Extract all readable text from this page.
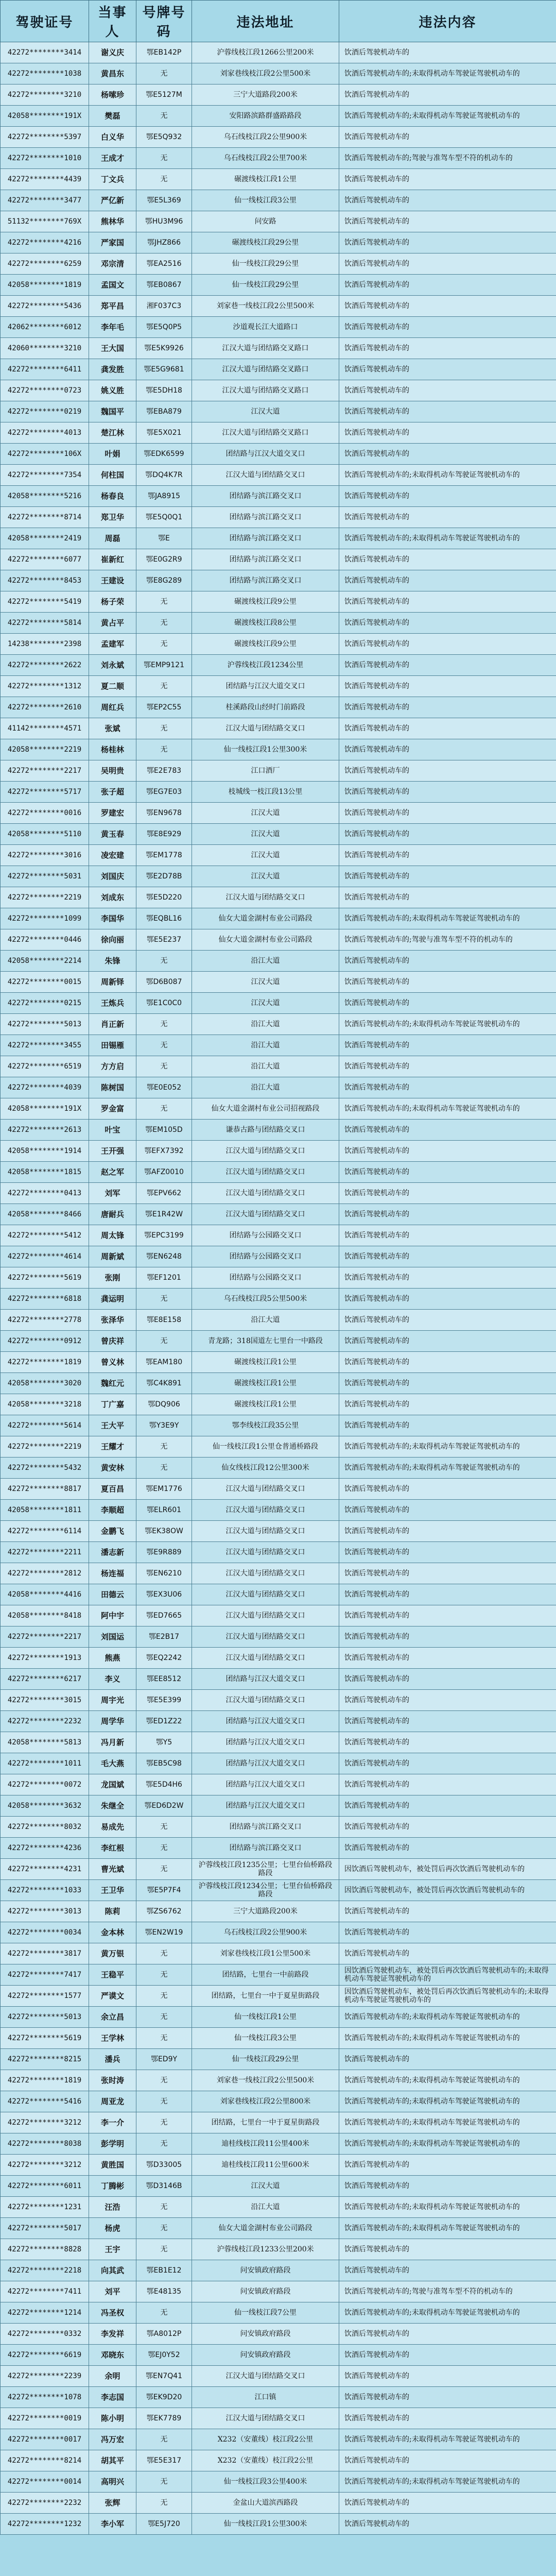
驾驶证号	当事人	号牌号码	违法地址	违法内容
42272********3414	谢义庆	鄂EB142P	沪蓉线枝江段1266公里200米	饮酒后驾驶机动车的
42272********1038	黄昌东	无	刘家巷线枝江段2公里500米	饮酒后驾驶机动车的;未取得机动车驾驶证驾驶机动车的
42272********3210	杨嗦珍	鄂E5127M	三宁大道路段200米	饮酒后驾驶机动车的
42058********191X	樊磊	无	安阳路滨路群盛路路段	饮酒后驾驶机动车的;未取得机动车驾驶证驾驶机动车的
42272********5397	白义华	鄂E5Q932	乌石线枝江段2公里900米	饮酒后驾驶机动车的
42272********1010	王成才	无	乌石线枝江段2公里700米	饮酒后驾驶机动车的;驾驶与准驾车型不符的机动车的
42272********4439	丁文兵	无	碾渡线枝江段1公里	饮酒后驾驶机动车的
42272********3477	严亿新	鄂E5L369	仙一线枝江段3公里	饮酒后驾驶机动车的
51132********769X	熊林华	鄂HU3M96	问安路	饮酒后驾驶机动车的
42272********4216	严家国	鄂JHZ866	碾渡线枝江段29公里	饮酒后驾驶机动车的
42272********6259	邓宗清	鄂EA2516	仙一线枝江段29公里	饮酒后驾驶机动车的
42058********1819	孟国文	鄂EB0867	仙一线枝江段29公里	饮酒后驾驶机动车的
42272********5436	郑平昌	湘F037C3	刘家巷一线枝江段2公里500米	饮酒后驾驶机动车的
42062********6012	李年毛	鄂E5Q0P5	沙道观长江大道路口	饮酒后驾驶机动车的
42060********3210	王大国	鄂E5K9926	江汉大道与团结路交叉路口	饮酒后驾驶机动车的
42272********6411	龚发胜	鄂E5G9681	江汉大道与团结路交叉路口	饮酒后驾驶机动车的
42272********0723	姚义胜	鄂E5DH18	江汉大道与团结路交叉路口	饮酒后驾驶机动车的
42272********0219	魏国平	鄂EBA879	江汉大道	饮酒后驾驶机动车的
42272********4013	楚江林	鄂E5X021	江汉大道与团结路交叉路口	饮酒后驾驶机动车的
42272********106X	叶娟	鄂EDK6599	团结路与江汉大道交叉口	饮酒后驾驶机动车的
42272********7354	何柱国	鄂DQ4K7R	江汉大道与团结路交叉口	饮酒后驾驶机动车的;未取得机动车驾驶证驾驶机动车的
42058********5216	杨春良	鄂JA8915	团结路与滨江路交叉口	饮酒后驾驶机动车的
42272********8714	郑卫华	鄂E5Q0Q1	团结路与滨江路交叉口	饮酒后驾驶机动车的
42058********2419	周磊	鄂E	团结路与滨江路交叉口	饮酒后驾驶机动车的;未取得机动车驾驶证驾驶机动车的
42272********6077	崔新红	鄂E0G2R9	团结路与滨江路交叉口	饮酒后驾驶机动车的
42272********8453	王建设	鄂E8G289	团结路与滨江路交叉口	饮酒后驾驶机动车的
42272********5419	杨子荣	无	碾渡线枝江段9公里	饮酒后驾驶机动车的
42272********5814	黄占平	无	碾渡线枝江段8公里	饮酒后驾驶机动车的
14238********2398	孟建军	无	碾渡线枝江段9公里	饮酒后驾驶机动车的
42272********2622	刘永斌	鄂EMP9121	沪蓉线枝江段1234公里	饮酒后驾驶机动车的
42272********1312	夏二顺	无	团结路与江汉大道交叉口	饮酒后驾驶机动车的
42272********2610	周红兵	鄂EP2C55	桂溪路段山经时门前路段	饮酒后驾驶机动车的
41142********4571	张斌	无	江汉大道与团结路交叉口	饮酒后驾驶机动车的
42058********2219	杨桂林	无	仙一线枝江段1公里300米	饮酒后驾驶机动车的
42272********2217	吴明贵	鄂E2E783	江口酒厂	饮酒后驾驶机动车的
42272********5717	张子超	鄂EG7E03	枝城线一枝江段13公里	饮酒后驾驶机动车的
42272********0016	罗建宏	鄂EN9678	江汉大道	饮酒后驾驶机动车的
42058********5110	黄玉春	鄂E8E929	江汉大道	饮酒后驾驶机动车的
42272********3016	凌宏建	鄂EM1778	江汉大道	饮酒后驾驶机动车的
42272********5031	刘国庆	鄂E2D78B	江汉大道	饮酒后驾驶机动车的
42272********2219	刘成东	鄂E5D220	江汉大道与团结路交叉口	饮酒后驾驶机动车的
42272********1099	李国华	鄂EQBL16	仙女大道金湖村布业公司路段	饮酒后驾驶机动车的;未取得机动车驾驶证驾驶机动车的
42272********0446	徐向丽	鄂E5E237	仙女大道金湖村布业公司路段	饮酒后驾驶机动车的;驾驶与准驾车型不符的机动车的
42058********2214	朱锋	无	沿江大道	饮酒后驾驶机动车的
42272********0015	周新铎	鄂D6B087	江汉大道	饮酒后驾驶机动车的
42272********0215	王炼兵	鄂E1C0C0	江汉大道	饮酒后驾驶机动车的
42272********5013	肖正新	无	沿江大道	饮酒后驾驶机动车的;未取得机动车驾驶证驾驶机动车的
42272********3455	田锡雁	无	沿江大道	饮酒后驾驶机动车的
42272********6519	方方启	无	沿江大道	饮酒后驾驶机动车的
42272********4039	陈树国	鄂E0E052	沿江大道	饮酒后驾驶机动车的
42058********191X	罗金富	无	仙女大道金湖村布业公司招视路段	饮酒后驾驶机动车的;未取得机动车驾驶证驾驶机动车的
42272********2613	叶宝	鄂EM105D	谦恭古路与团结路交叉口	饮酒后驾驶机动车的
42058********1914	王开强	鄂EFX7392	江汉大道与团结路交叉口	饮酒后驾驶机动车的
42058********1815	赵之军	鄂AFZ0010	江汉大道与团结路交叉口	饮酒后驾驶机动车的
42272********0413	刘军	鄂EPV662	江汉大道与团结路交叉口	饮酒后驾驶机动车的
42058********8466	唐耐兵	鄂E1R42W	江汉大道与团结路交叉口	饮酒后驾驶机动车的
42272********5412	周太锋	鄂EPC3199	团结路与公园路交叉口	饮酒后驾驶机动车的
42272********4614	周新斌	鄂EN6248	团结路与公园路交叉口	饮酒后驾驶机动车的
42272********5619	张刚	鄂EF1201	团结路与公园路交叉口	饮酒后驾驶机动车的
42272********6818	龚运明	无	乌石线枝江段5公里500米	饮酒后驾驶机动车的
42272********2778	张泽华	鄂E8E158	沿江大道	饮酒后驾驶机动车的
42272********0912	曾庆祥	无	青龙路；318国道左七里台一中路段	饮酒后驾驶机动车的
42272********1819	曾义林	鄂EAM180	碾渡线枝江段1公里	饮酒后驾驶机动车的
42058********3020	魏红元	鄂C4K891	碾渡线枝江段1公里	饮酒后驾驶机动车的
42058********3218	丁广嘉	鄂DQ906	碾渡线枝江段1公里	饮酒后驾驶机动车的
42272********5614	王大平	鄂Y3E9Y	鄂李线枝江段35公里	饮酒后驾驶机动车的
42272********2219	王耀才	无	仙一线枝江段1公里仓普通桥路段	饮酒后驾驶机动车的;未取得机动车驾驶证驾驶机动车的
42272********5432	黄安林	无	仙女线枝江段12公里300米	饮酒后驾驶机动车的;未取得机动车驾驶证驾驶机动车的
42272********8817	夏百昌	鄂EM1776	江汉大道与团结路交叉口	饮酒后驾驶机动车的
42058********1811	李顺超	鄂ELR601	江汉大道与团结路交叉口	饮酒后驾驶机动车的
42272********6114	金鹏飞	鄂EK38OW	江汉大道与团结路交叉口	饮酒后驾驶机动车的
42272********2211	潘志新	鄂E9R889	江汉大道与团结路交叉口	饮酒后驾驶机动车的
42272********2812	杨连福	鄂EN6210	江汉大道与团结路交叉口	饮酒后驾驶机动车的
42058********4416	田德云	鄂EX3U06	江汉大道与团结路交叉口	饮酒后驾驶机动车的
42058********8418	阿中宇	鄂ED7665	江汉大道与团结路交叉口	饮酒后驾驶机动车的
42272********2217	刘国运	鄂E2B17	江汉大道与团结路交叉口	饮酒后驾驶机动车的
42272********1913	熊燕	鄂EQ2242	江汉大道与团结路交叉口	饮酒后驾驶机动车的
42272********6217	李义	鄂EE8512	团结路与江汉大道交叉口	饮酒后驾驶机动车的
42272********3015	周宇光	鄂E5E399	江汉大道与团结路交叉口	饮酒后驾驶机动车的
42272********2232	周学华	鄂ED1Z22	团结路与江汉大道交叉口	饮酒后驾驶机动车的
42058********5813	冯月新	鄂Y5	团结路与江汉大道交叉口	饮酒后驾驶机动车的
42272********1011	毛大燕	鄂EB5C98	团结路与江汉大道交叉口	饮酒后驾驶机动车的
42272********0072	龙国斌	鄂E5D4H6	团结路与江汉大道交叉口	饮酒后驾驶机动车的
42058********3632	朱继全	鄂ED6D2W	团结路与江汉大道交叉口	饮酒后驾驶机动车的
42272********8032	易成先	无	团结路与滨江路交叉口	饮酒后驾驶机动车的
42272********4236	李红根	无	团结路与滨江路交叉口	饮酒后驾驶机动车的
42272********4231	曹光斌	无	沪蓉线枝江段1235公里；七里台仙桥路段路段	因饮酒后驾驶机动车，被处罚后再次饮酒后驾驶机动车的
42272********1033	王卫华	鄂E5P7F4	沪蓉线枝江段1234公里；七里台仙桥路段路段	因饮酒后驾驶机动车，被处罚后再次饮酒后驾驶机动车的
42272********3013	陈莉	鄂ZS6762	三宁大道路段200米	饮酒后驾驶机动车的
42272********0034	金本林	鄂EN2W19	乌石线枝江段2公里900米	饮酒后驾驶机动车的
42272********3817	黄万银	无	刘家巷线枝江段1公里500米	饮酒后驾驶机动车的
42272********7417	王稳平	无	团结路，七里台一中前路段	因饮酒后驾驶机动车，被处罚后再次饮酒后驾驶机动车的;未取得机动车驾驶证驾驶机动车的
42272********1577	严谟文	无	团结路，七里台一中于夏星街路段	因饮酒后驾驶机动车，被处罚后再次饮酒后驾驶机动车的;未取得机动车驾驶证驾驶机动车的
42272********5013	余立昌	无	仙一线枝江段1公里	饮酒后驾驶机动车的;未取得机动车驾驶证驾驶机动车的
42272********5619	王学林	无	仙一线枝江段3公里	饮酒后驾驶机动车的;未取得机动车驾驶证驾驶机动车的
42272********8215	潘兵	鄂ED9Y	仙一线枝江段29公里	饮酒后驾驶机动车的
42272********1819	张时涛	无	刘家巷一线枝江段2公里500米	饮酒后驾驶机动车的;未取得机动车驾驶证驾驶机动车的
42272********5416	周亚龙	无	刘家巷线枝江段2公里800米	饮酒后驾驶机动车的;未取得机动车驾驶证驾驶机动车的
42272********3212	李一介	无	团结路，七里台一中于夏星街路段	饮酒后驾驶机动车的;未取得机动车驾驶证驾驶机动车的
42272********8038	彭学明	无	迪桂线枝江段11公里400米	饮酒后驾驶机动车的;未取得机动车驾驶证驾驶机动车的
42272********3212	黄胜国	鄂D33005	迪桂线枝江段11公里600米	饮酒后驾驶机动车的
42272********6011	丁腾彬	鄂D3146B	江汉大道	饮酒后驾驶机动车的
42272********1231	汪浩	无	沿江大道	饮酒后驾驶机动车的;未取得机动车驾驶证驾驶机动车的
42272********5017	杨虎	无	仙女大道金湖村布业公司路段	饮酒后驾驶机动车的;未取得机动车驾驶证驾驶机动车的
42272********8828	王宇	无	沪蓉线枝江段1233公里200米	饮酒后驾驶机动车的
42272********2218	向其武	鄂EB1E12	问安镇政府路段	饮酒后驾驶机动车的
42272********7411	刘平	鄂E48135	问安镇政府路段	饮酒后驾驶机动车的;驾驶与准驾车型不符的机动车的
42272********1214	冯圣权	无	仙一线枝江段7公里	饮酒后驾驶机动车的;未取得机动车驾驶证驾驶机动车的
42272********0332	李发祥	鄂A8012P	问安镇政府路段	饮酒后驾驶机动车的
42272********6619	邓晓东	鄂EJ0Y52	问安镇政府路段	饮酒后驾驶机动车的
42272********2239	余明	鄂EN7Q41	江汉大道与团结路交叉口	饮酒后驾驶机动车的
42272********1078	李志国	鄂EK9D20	江口镇	饮酒后驾驶机动车的
42272********0019	陈小明	鄂EK7789	江汉大道与团结路交叉口	饮酒后驾驶机动车的
42272********0017	冯万宏	无	X232（安董线）枝江段2公里	饮酒后驾驶机动车的;未取得机动车驾驶证驾驶机动车的
42272********8214	胡其平	鄂E5E317	X232（安董线）枝江段2公里	饮酒后驾驶机动车的
42272********0014	高明兴	无	仙一线枝江段3公里400米	饮酒后驾驶机动车的;未取得机动车驾驶证驾驶机动车的
42272********2232	张辉	无	金盆山大道滨西路段	饮酒后驾驶机动车的
42272********1232	李小军	鄂E5J720	仙一线枝江段1公里300米	饮酒后驾驶机动车的
